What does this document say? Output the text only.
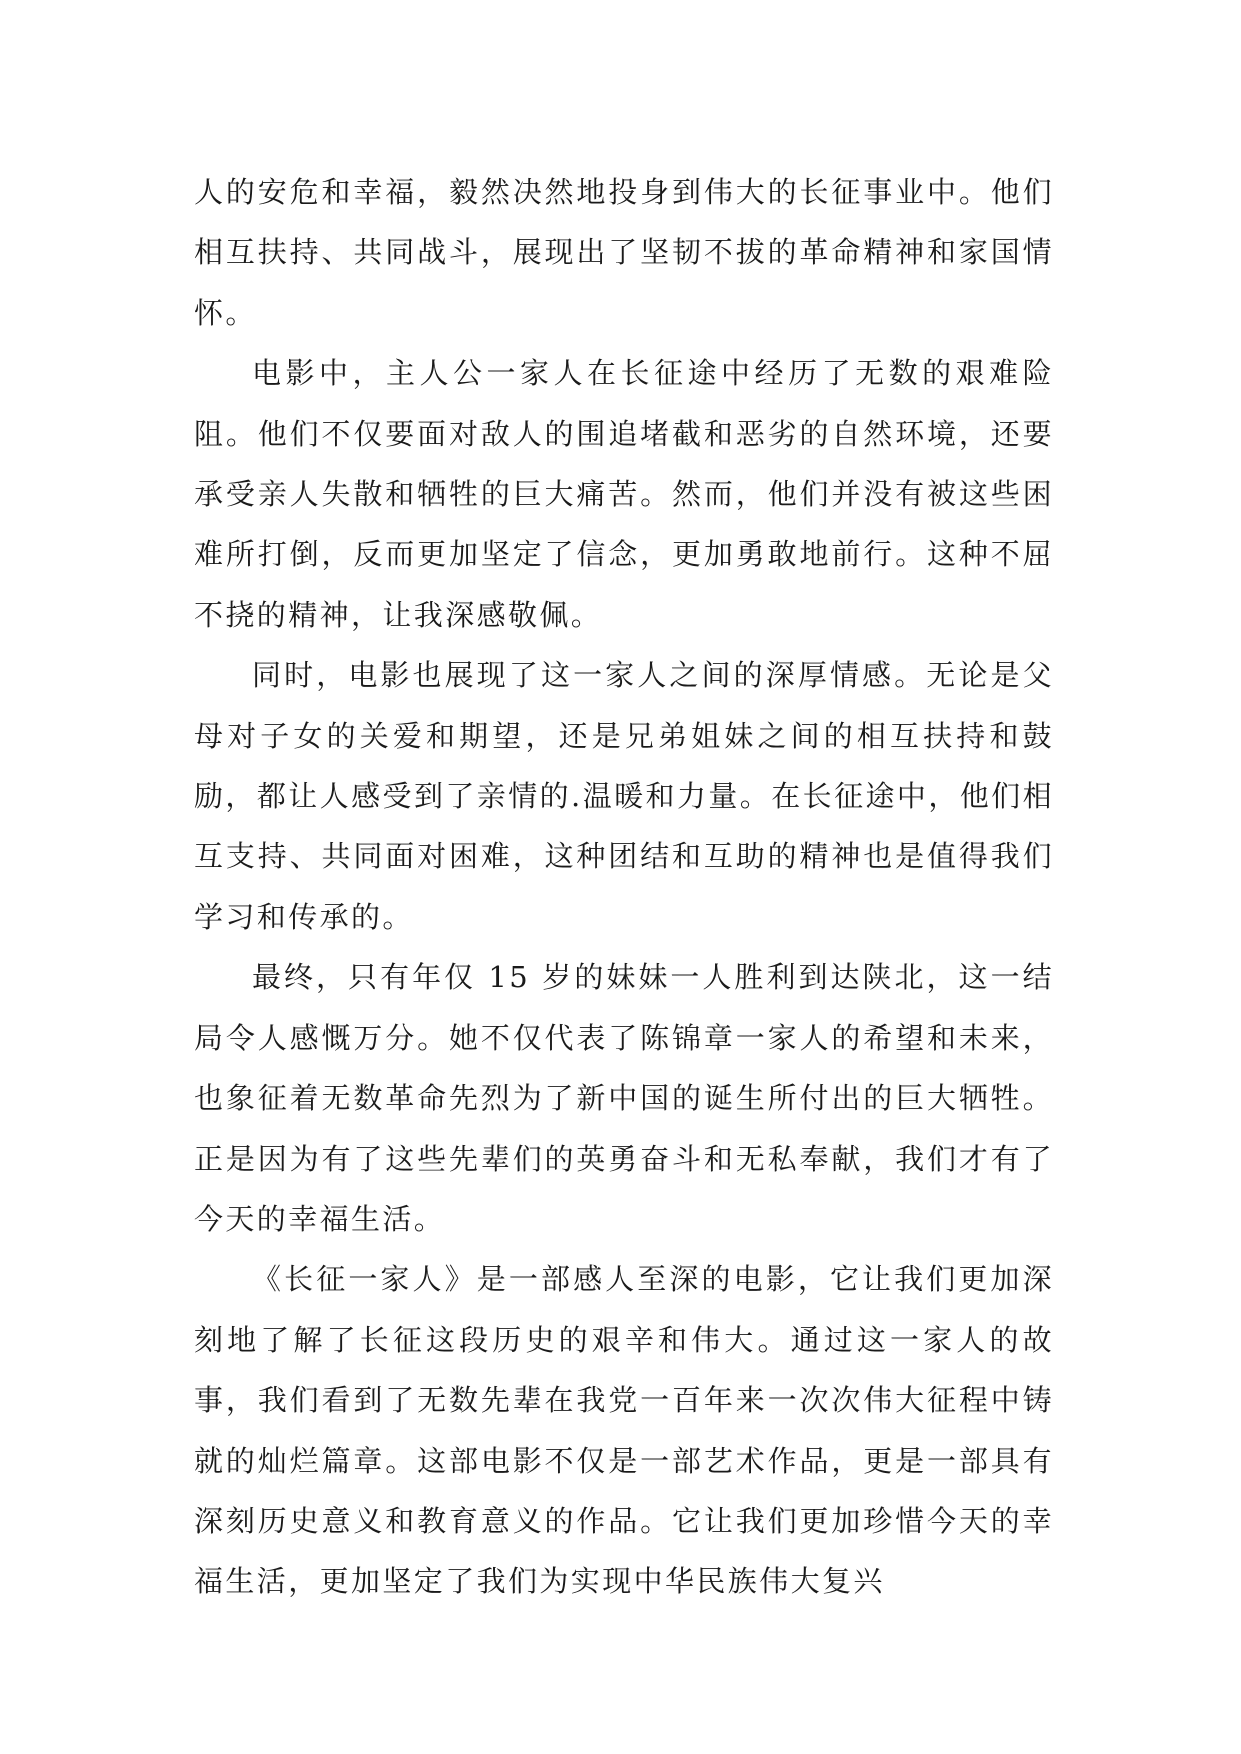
人的安危和幸福，毅然决然地投身到伟大的长征事业中。他们相互扶持、共同战斗，展现出了坚韧不拔的革命精神和家国情怀。

电影中，主人公一家人在长征途中经历了无数的艰难险阻。他们不仅要面对敌人的围追堵截和恶劣的自然环境，还要承受亲人失散和牺牲的巨大痛苦。然而，他们并没有被这些困难所打倒，反而更加坚定了信念，更加勇敢地前行。这种不屈不挠的精神，让我深感敬佩。

同时，电影也展现了这一家人之间的深厚情感。无论是父母对子女的关爱和期望，还是兄弟姐妹之间的相互扶持和鼓励，都让人感受到了亲情的.温暖和力量。在长征途中，他们相互支持、共同面对困难，这种团结和互助的精神也是值得我们学习和传承的。

最终，只有年仅 15 岁的妹妹一人胜利到达陕北，这一结局令人感慨万分。她不仅代表了陈锦章一家人的希望和未来，也象征着无数革命先烈为了新中国的诞生所付出的巨大牺牲。正是因为有了这些先辈们的英勇奋斗和无私奉献，我们才有了今天的幸福生活。

《长征一家人》是一部感人至深的电影，它让我们更加深刻地了解了长征这段历史的艰辛和伟大。通过这一家人的故事，我们看到了无数先辈在我党一百年来一次次伟大征程中铸就的灿烂篇章。这部电影不仅是一部艺术作品，更是一部具有深刻历史意义和教育意义的作品。它让我们更加珍惜今天的幸福生活，更加坚定了我们为实现中华民族伟大复兴
